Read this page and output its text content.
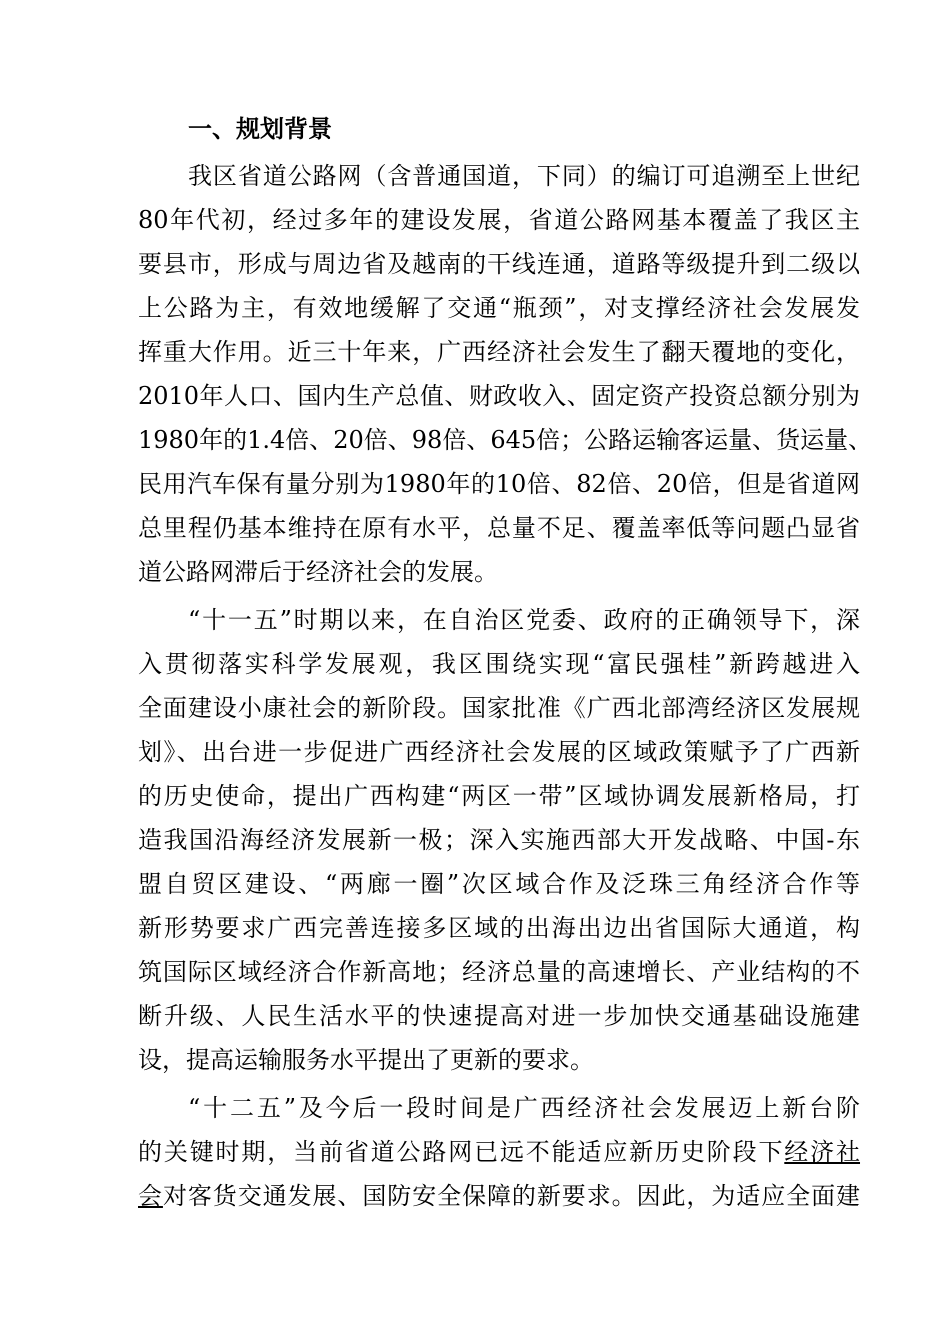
一、规划背景
我区省道公路网（含普通国道，下同）的编订可追溯至上世纪
80年代初，经过多年的建设发展，省道公路网基本覆盖了我区主
要县市，形成与周边省及越南的干线连通，道路等级提升到二级以
上公路为主，有效地缓解了交通“瓶颈”，对支撑经济社会发展发
挥重大作用。近三十年来，广西经济社会发生了翻天覆地的变化，
2010年人口、国内生产总值、财政收入、固定资产投资总额分别为
1980年的1.4倍、20倍、98倍、645倍；公路运输客运量、货运量、
民用汽车保有量分别为1980年的10倍、82倍、20倍，但是省道网
总里程仍基本维持在原有水平，总量不足、覆盖率低等问题凸显省
道公路网滞后于经济社会的发展。
“十一五”时期以来，在自治区党委、政府的正确领导下，深
入贯彻落实科学发展观，我区围绕实现“富民强桂”新跨越进入
全面建设小康社会的新阶段。国家批准《广西北部湾经济区发展规
划》、出台进一步促进广西经济社会发展的区域政策赋予了广西新
的历史使命，提出广西构建“两区一带”区域协调发展新格局，打
造我国沿海经济发展新一极；深入实施西部大开发战略、中国-东
盟自贸区建设、“两廊一圈”次区域合作及泛珠三角经济合作等
新形势要求广西完善连接多区域的出海出边出省国际大通道，构
筑国际区域经济合作新高地；经济总量的高速增长、产业结构的不
断升级、人民生活水平的快速提高对进一步加快交通基础设施建
设，提高运输服务水平提出了更新的要求。
“十二五”及今后一段时间是广西经济社会发展迈上新台阶
的关键时期，当前省道公路网已远不能适应新历史阶段下经济社
会对客货交通发展、国防安全保障的新要求。因此，为适应全面建
